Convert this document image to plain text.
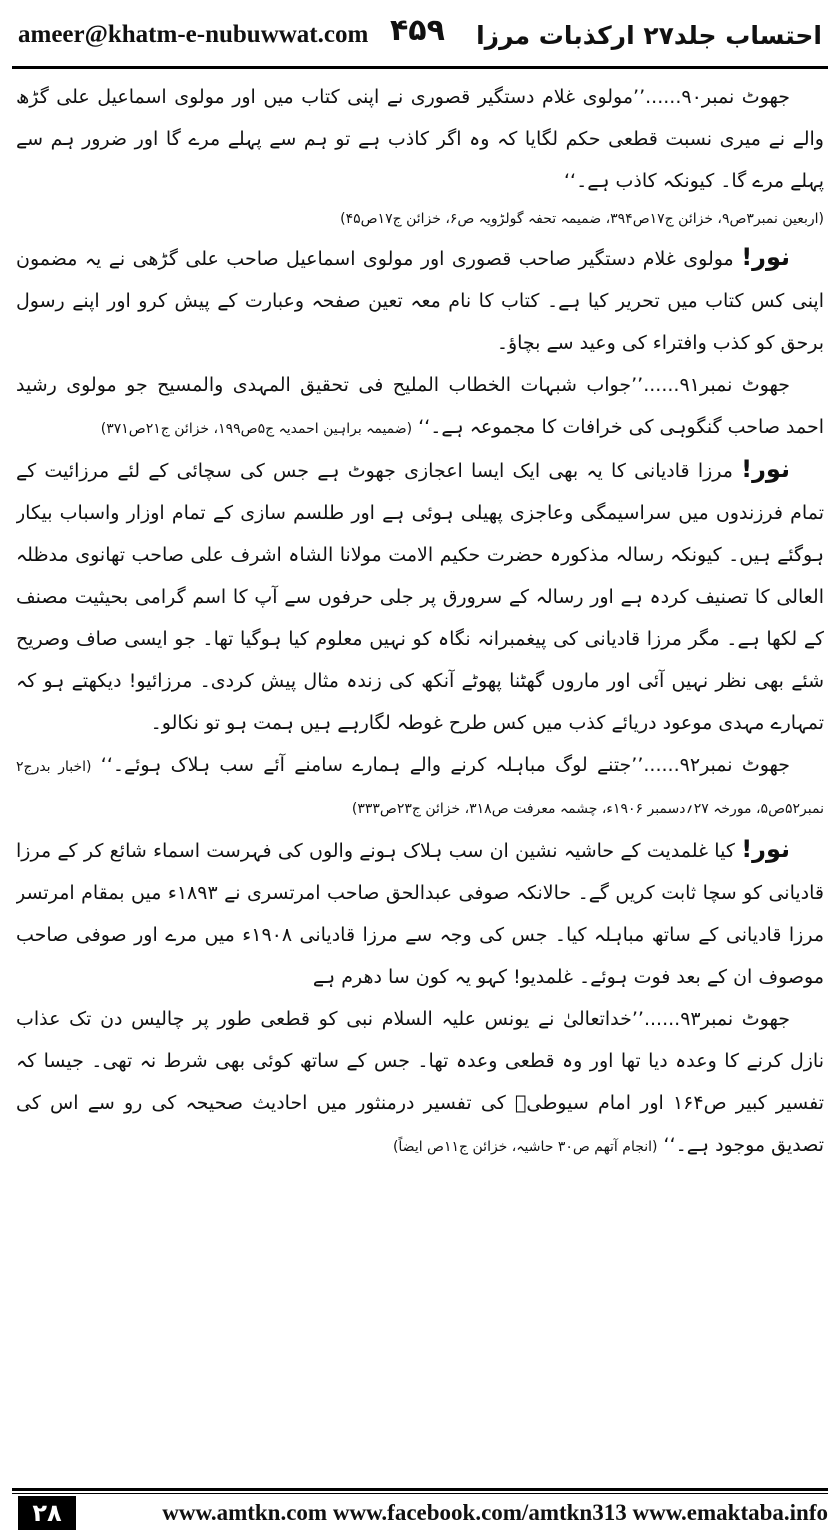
ameer@khatm-e-nubuwwat.com ۴۵۹ احتساب جلد۲۷ ارکذبات مرزا

جھوٹ نمبر۹۰......’’مولوی غلام دستگیر قصوری نے اپنی کتاب میں اور مولوی اسماعیل علی گڑھ والے نے میری نسبت قطعی حکم لگایا کہ وہ اگر کاذب ہے تو ہم سے پہلے مرے گا اور ضرور ہم سے پہلے مرے گا۔ کیونکہ کاذب ہے۔‘‘

(اربعین نمبر۳ص۹، خزائن ج۱۷ص۳۹۴، ضمیمہ تحفہ گولڑویہ ص۶، خزائن ج۱۷ص۴۵)

نور! مولوی غلام دستگیر صاحب قصوری اور مولوی اسماعیل صاحب علی گڑھی نے یہ مضمون اپنی کس کتاب میں تحریر کیا ہے۔ کتاب کا نام معہ تعین صفحہ وعبارت کے پیش کرو اور اپنے رسول برحق کو کذب وافتراء کی وعید سے بچاؤ۔

جھوٹ نمبر۹۱......’’جواب شبہات الخطاب الملیح فی تحقیق المہدی والمسیح جو مولوی رشید احمد صاحب گنگوہی کی خرافات کا مجموعہ ہے۔‘‘ (ضمیمہ براہین احمدیہ ج۵ص۱۹۹، خزائن ج۲۱ص۳۷۱)

نور! مرزا قادیانی کا یہ بھی ایک ایسا اعجازی جھوٹ ہے جس کی سچائی کے لئے مرزائیت کے تمام فرزندوں میں سراسیمگی وعاجزی پھیلی ہوئی ہے اور طلسم سازی کے تمام اوزار واسباب بیکار ہوگئے ہیں۔ کیونکہ رسالہ مذکورہ حضرت حکیم الامت مولانا الشاہ اشرف علی صاحب تھانوی مدظلہ العالی کا تصنیف کردہ ہے اور رسالہ کے سرورق پر جلی حرفوں سے آپ کا اسم گرامی بحیثیت مصنف کے لکھا ہے۔ مگر مرزا قادیانی کی پیغمبرانہ نگاہ کو نہیں معلوم کیا ہوگیا تھا۔ جو ایسی صاف وصریح شئے بھی نظر نہیں آئی اور ماروں گھٹنا پھوٹے آنکھ کی زندہ مثال پیش کردی۔ مرزائیو! دیکھتے ہو کہ تمہارے مہدی موعود دریائے کذب میں کس طرح غوطہ لگارہے ہیں ہمت ہو تو نکالو۔

جھوٹ نمبر۹۲......’’جتنے لوگ مباہلہ کرنے والے ہمارے سامنے آئے سب ہلاک ہوئے۔‘‘ (اخبار بدرج۲ نمبر۵۲ص۵، مورخہ ۲۷؍دسمبر ۱۹۰۶ء، چشمہ معرفت ص۳۱۸، خزائن ج۲۳ص۳۳۳)

نور! کیا غلمدیت کے حاشیہ نشین ان سب ہلاک ہونے والوں کی فہرست اسماء شائع کر کے مرزا قادیانی کو سچا ثابت کریں گے۔ حالانکہ صوفی عبدالحق صاحب امرتسری نے ۱۸۹۳ء میں بمقام امرتسر مرزا قادیانی کے ساتھ مباہلہ کیا۔ جس کی وجہ سے مرزا قادیانی ۱۹۰۸ء میں مرے اور صوفی صاحب موصوف ان کے بعد فوت ہوئے۔ غلمدیو! کہو یہ کون سا دھرم ہے

جھوٹ نمبر۹۳......’’خداتعالیٰ نے یونس علیہ السلام نبی کو قطعی طور پر چالیس دن تک عذاب نازل کرنے کا وعدہ دیا تھا اور وہ قطعی وعدہ تھا۔ جس کے ساتھ کوئی بھی شرط نہ تھی۔ جیسا کہ تفسیر کبیر ص۱۶۴ اور امام سیوطیؒ کی تفسیر درمنثور میں احادیث صحیحہ کی رو سے اس کی تصدیق موجود ہے۔‘‘ (انجام آتھم ص۳۰ حاشیہ، خزائن ج۱۱ص ایضاً)

۲۸	www.amtkn.com www.facebook.com/amtkn313 www.emaktaba.info
